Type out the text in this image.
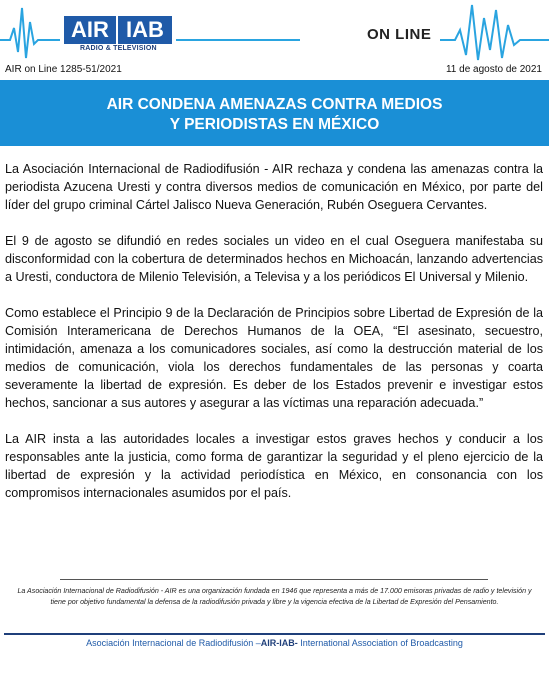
AIR IAB
RADIO & TELEVISION
ON LINE
AIR on Line 1285-51/2021	11 de agosto de 2021
AIR CONDENA AMENAZAS CONTRA MEDIOS
Y PERIODISTAS EN MÉXICO

La Asociación Internacional de Radiodifusión - AIR rechaza y condena las amenazas contra la periodista Azucena Uresti y contra diversos medios de comunicación en México, por parte del líder del grupo criminal Cártel Jalisco Nueva Generación, Rubén Oseguera Cervantes.

El 9 de agosto se difundió en redes sociales un video en el cual Oseguera manifestaba su disconformidad con la cobertura de determinados hechos en Michoacán, lanzando advertencias a Uresti, conductora de Milenio Televisión, a Televisa y a los periódicos El Universal y Milenio.

Como establece el Principio 9 de la Declaración de Principios sobre Libertad de Expresión de la Comisión Interamericana de Derechos Humanos de la OEA, “El asesinato, secuestro, intimidación, amenaza a los comunicadores sociales, así como la destrucción material de los medios de comunicación, viola los derechos fundamentales de las personas y coarta severamente la libertad de expresión. Es deber de los Estados prevenir e investigar estos hechos, sancionar a sus autores y asegurar a las víctimas una reparación adecuada.”

La AIR insta a las autoridades locales a investigar estos graves hechos y conducir a los responsables ante la justicia, como forma de garantizar la seguridad y el pleno ejercicio de la libertad de expresión y la actividad periodística en México, en consonancia con los compromisos internacionales asumidos por el país.

La Asociación Internacional de Radiodifusión - AIR es una organización fundada en 1946 que representa a más de 17.000 emisoras privadas de radio y televisión y tiene por objetivo fundamental la defensa de la radiodifusión privada y libre y la vigencia efectiva de la Libertad de Expresión del Pensamiento.
Asociación Internacional de Radiodifusión –AIR-IAB- International Association of Broadcasting
